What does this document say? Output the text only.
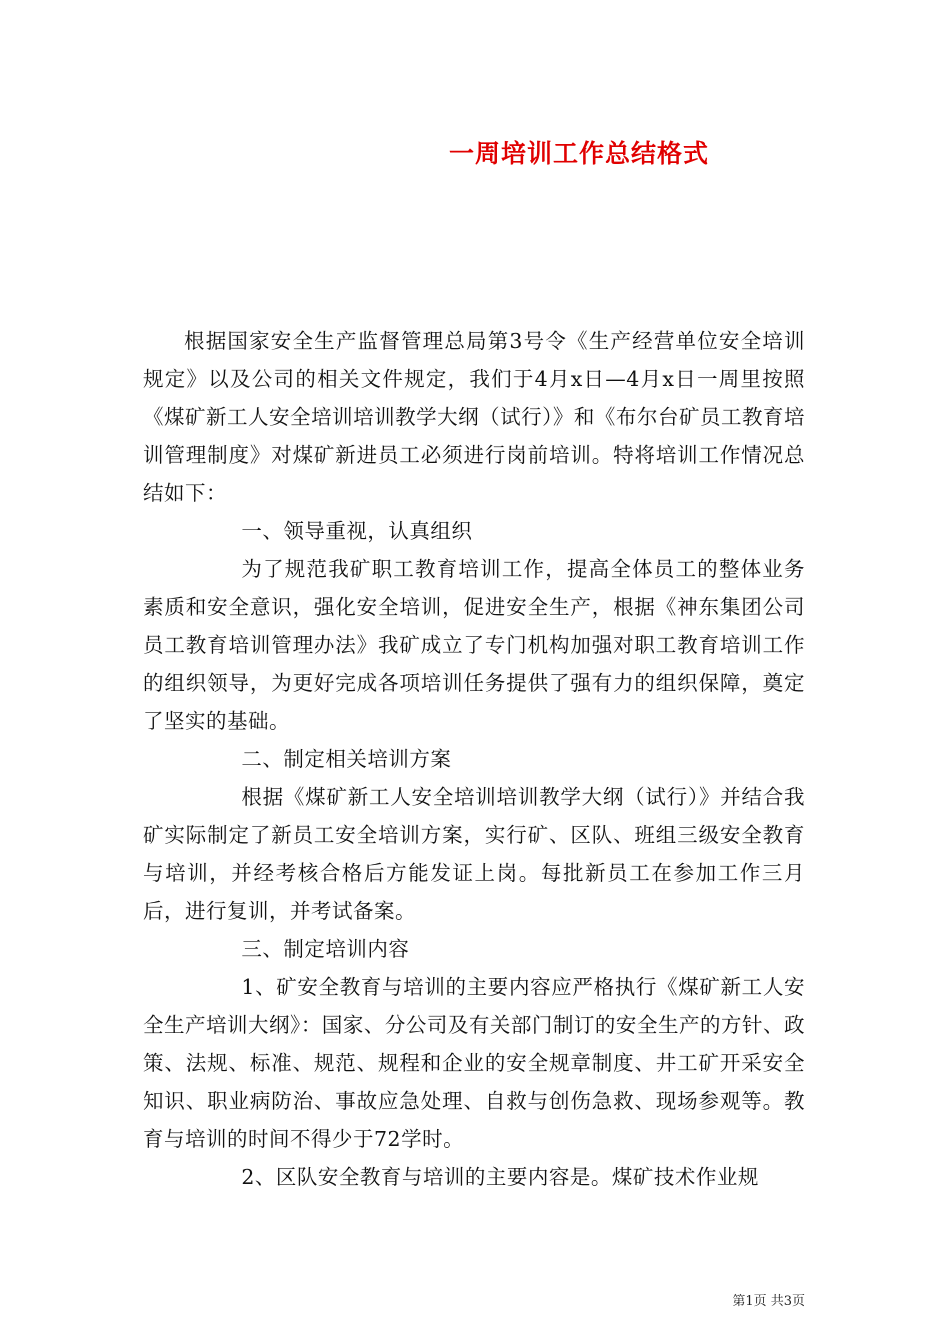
一周培训工作总结格式

根据国家安全生产监督管理总局第3号令《生产经营单位安全培训规定》以及公司的相关文件规定，我们于4月x日—4月x日一周里按照《煤矿新工人安全培训培训教学大纲（试行）》和《布尔台矿员工教育培训管理制度》对煤矿新进员工必须进行岗前培训。特将培训工作情况总结如下：

一、领导重视，认真组织

为了规范我矿职工教育培训工作，提高全体员工的整体业务素质和安全意识，强化安全培训，促进安全生产，根据《神东集团公司员工教育培训管理办法》我矿成立了专门机构加强对职工教育培训工作的组织领导，为更好完成各项培训任务提供了强有力的组织保障，奠定了坚实的基础。

二、制定相关培训方案

根据《煤矿新工人安全培训培训教学大纲（试行）》并结合我矿实际制定了新员工安全培训方案，实行矿、区队、班组三级安全教育与培训，并经考核合格后方能发证上岗。每批新员工在参加工作三月后，进行复训，并考试备案。

三、制定培训内容

1、矿安全教育与培训的主要内容应严格执行《煤矿新工人安全生产培训大纲》：国家、分公司及有关部门制订的安全生产的方针、政策、法规、标准、规范、规程和企业的安全规章制度、井工矿开采安全知识、职业病防治、事故应急处理、自救与创伤急救、现场参观等。教育与培训的时间不得少于72学时。

2、区队安全教育与培训的主要内容是。煤矿技术作业规

第1页 共3页
